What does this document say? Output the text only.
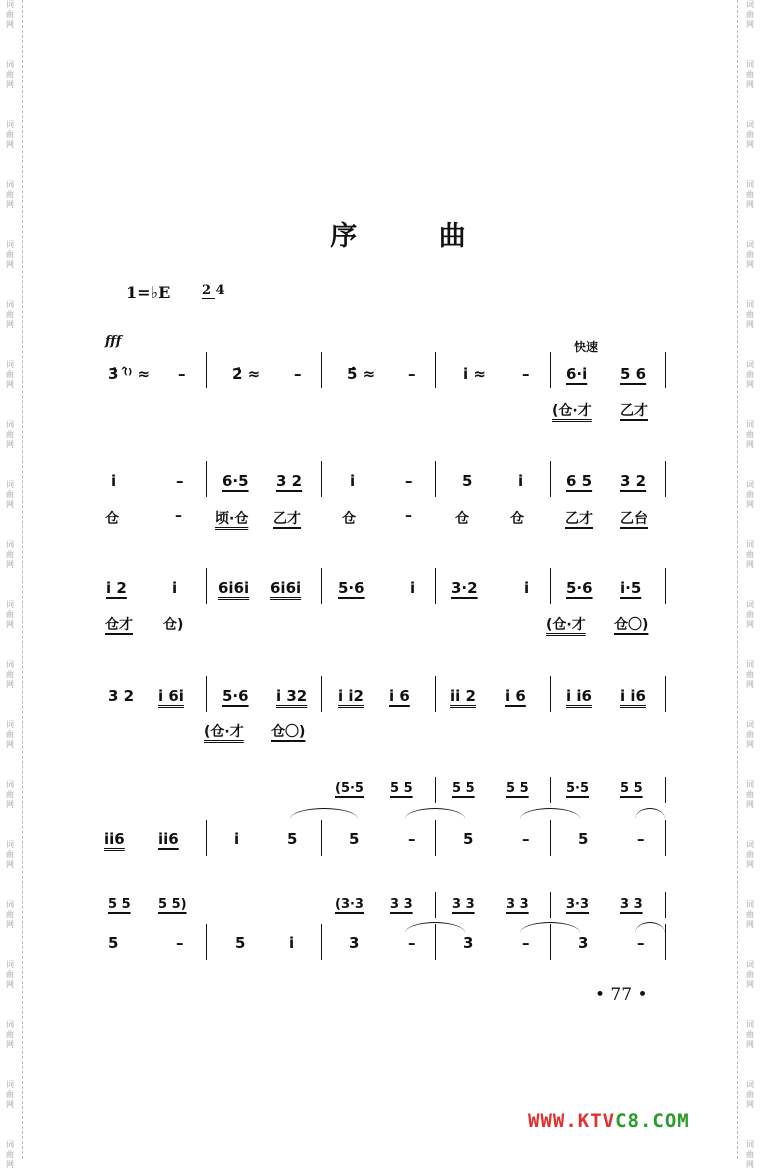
词
曲
网
词
曲
网
词
曲
网
词
曲
网
词
曲
网
词
曲
网
词
曲
网
词
曲
网
词
曲
网
词
曲
网
词
曲
网
词
曲
网
词
曲
网
词
曲
网
词
曲
网
词
曲
网
词
曲
网
词
曲
网
词
曲
网
词
曲
网
词
曲
网
词
曲
网
词
曲
网
词
曲
网
词
曲
网
词
曲
网
词
曲
网
词
曲
网
词
曲
网
词
曲
网
词
曲
网
词
曲
网
词
曲
网
词
曲
网
词
曲
网
词
曲
网
词
曲
网
词
曲
网
词
曲
网
词
曲
网
序 曲
1=♭E 2 4
fff	快速
3̇ ⁽̂⁾ ≈ –	2̇ ≈ –	5̂ ≈ –	i ≈ – 6·i 5 6
(仓·才 乙才
i	–	6·5 3 2	i	–	5	i	6 5 3 2
仓	– 顷·仓 乙才	仓	–	仓	仓	乙才 乙台
i 2	i	6i6i 6i6i 5·6	i 3·2	i 5·6 i·5
仓才 仓)	(仓·才 仓〇)
3 2 i 6i	5·6 i 32 i i2 i 6	ii 2 i 6	i i6 i i6
(仓·才 仓〇)
(5·5 5 5	5 5 5 5	5·5 5 5
ii6 ii6	i	5	5	–	5	–	5	–
5 5 5 5)	(3·3 3 3	3 3 3 3	3·3 3 3
5	–	5	i	3	–	3	–	3	–
• 77 •
WWW.KTVC8.COM
